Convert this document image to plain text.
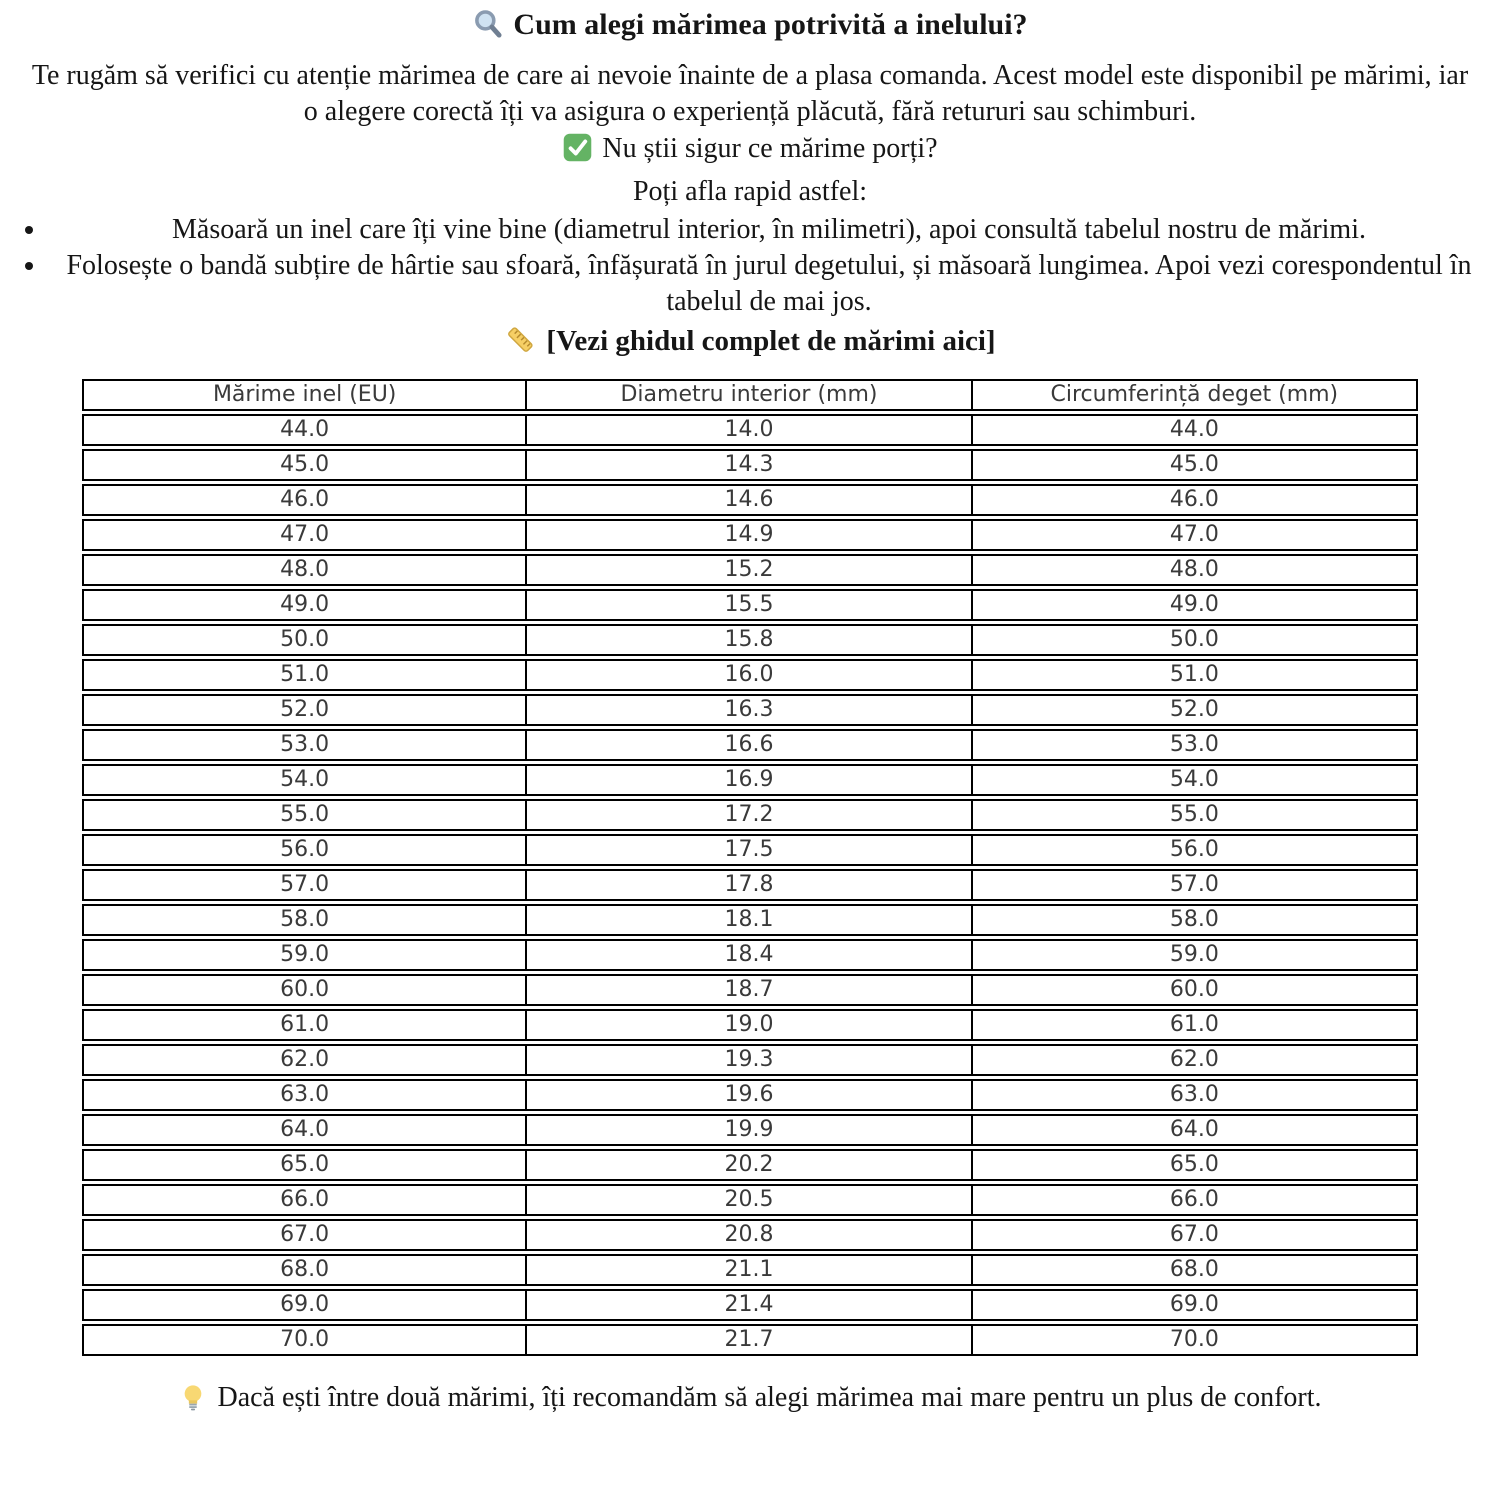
Cum alegi mărimea potrivită a inelului?

Te rugăm să verifici cu atenție mărimea de care ai nevoie înainte de a plasa comanda. Acest model este disponibil pe mărimi, iar o alegere corectă îți va asigura o experiență plăcută, fără retururi sau schimburi.

Nu știi sigur ce mărime porți?

Poți afla rapid astfel:

• Măsoară un inel care îți vine bine (diametrul interior, în milimetri), apoi consultă tabelul nostru de mărimi.
• Folosește o bandă subțire de hârtie sau sfoară, înfășurată în jurul degetului, și măsoară lungimea. Apoi vezi corespondentul în tabelul de mai jos.
[Vezi ghidul complet de mărimi aici]
Mărime inel (EU)	Diametru interior (mm)	Circumferință deget (mm)
44.0	14.0	44.0
45.0	14.3	45.0
46.0	14.6	46.0
47.0	14.9	47.0
48.0	15.2	48.0
49.0	15.5	49.0
50.0	15.8	50.0
51.0	16.0	51.0
52.0	16.3	52.0
53.0	16.6	53.0
54.0	16.9	54.0
55.0	17.2	55.0
56.0	17.5	56.0
57.0	17.8	57.0
58.0	18.1	58.0
59.0	18.4	59.0
60.0	18.7	60.0
61.0	19.0	61.0
62.0	19.3	62.0
63.0	19.6	63.0
64.0	19.9	64.0
65.0	20.2	65.0
66.0	20.5	66.0
67.0	20.8	67.0
68.0	21.1	68.0
69.0	21.4	69.0
70.0	21.7	70.0

Dacă ești între două mărimi, îți recomandăm să alegi mărimea mai mare pentru un plus de confort.
